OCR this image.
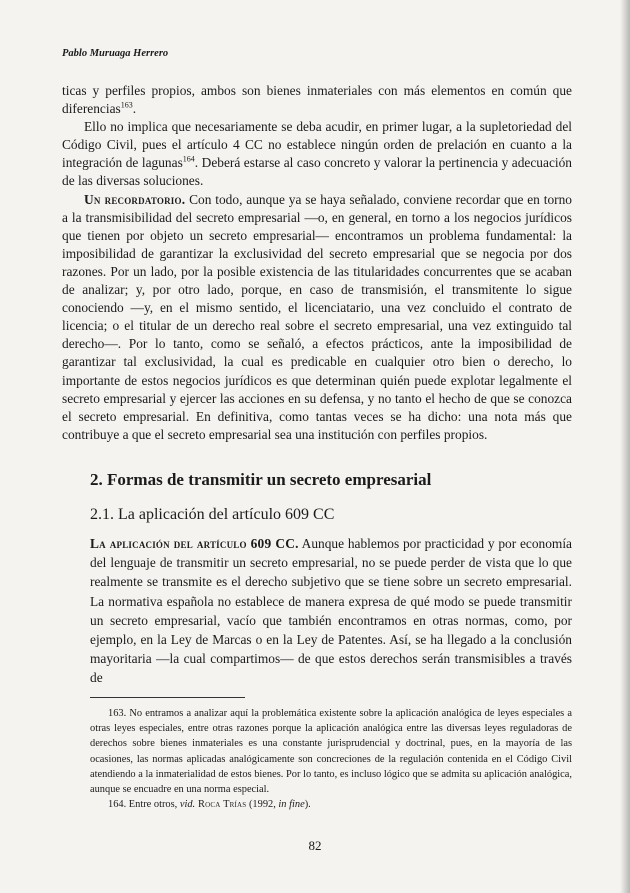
Pablo Muruaga Herrero

ticas y perfiles propios, ambos son bienes inmateriales con más elementos en común que diferencias$^{163}$.

Ello no implica que necesariamente se deba acudir, en primer lugar, a la supletoriedad del Código Civil, pues el artículo 4 CC no establece ningún orden de prelación en cuanto a la integración de lagunas$^{164}$. Deberá estarse al caso concreto y valorar la pertinencia y adecuación de las diversas soluciones.

Un recordatorio. Con todo, aunque ya se haya señalado, conviene recordar que en torno a la transmisibilidad del secreto empresarial —o, en general, en torno a los negocios jurídicos que tienen por objeto un secreto empresarial— encontramos un problema fundamental: la imposibilidad de garantizar la exclusividad del secreto empresarial que se negocia por dos razones. Por un lado, por la posible existencia de las titularidades concurrentes que se acaban de analizar; y, por otro lado, porque, en caso de transmisión, el transmitente lo sigue conociendo —y, en el mismo sentido, el licenciatario, una vez concluido el contrato de licencia; o el titular de un derecho real sobre el secreto empresarial, una vez extinguido tal derecho—. Por lo tanto, como se señaló, a efectos prácticos, ante la imposibilidad de garantizar tal exclusividad, la cual es predicable en cualquier otro bien o derecho, lo importante de estos negocios jurídicos es que determinan quién puede explotar legalmente el secreto empresarial y ejercer las acciones en su defensa, y no tanto el hecho de que se conozca el secreto empresarial. En definitiva, como tantas veces se ha dicho: una nota más que contribuye a que el secreto empresarial sea una institución con perfiles propios.

2. Formas de transmitir un secreto empresarial
2.1. La aplicación del artículo 609 CC

La aplicación del artículo 609 CC. Aunque hablemos por practicidad y por economía del lenguaje de transmitir un secreto empresarial, no se puede perder de vista que lo que realmente se transmite es el derecho subjetivo que se tiene sobre un secreto empresarial. La normativa española no establece de manera expresa de qué modo se puede transmitir un secreto empresarial, vacío que también encontramos en otras normas, como, por ejemplo, en la Ley de Marcas o en la Ley de Patentes. Así, se ha llegado a la conclusión mayoritaria —la cual compartimos— de que estos derechos serán transmisibles a través de

163. No entramos a analizar aquí la problemática existente sobre la aplicación analógica de leyes especiales a otras leyes especiales, entre otras razones porque la aplicación analógica entre las diversas leyes reguladoras de derechos sobre bienes inmateriales es una constante jurisprudencial y doctrinal, pues, en la mayoría de las ocasiones, las normas aplicadas analógicamente son concreciones de la regulación contenida en el Código Civil atendiendo a la inmaterialidad de estos bienes. Por lo tanto, es incluso lógico que se admita su aplicación analógica, aunque se encuadre en una norma especial.

164. Entre otros, vid. Roca Trías (1992, in fine).

82
